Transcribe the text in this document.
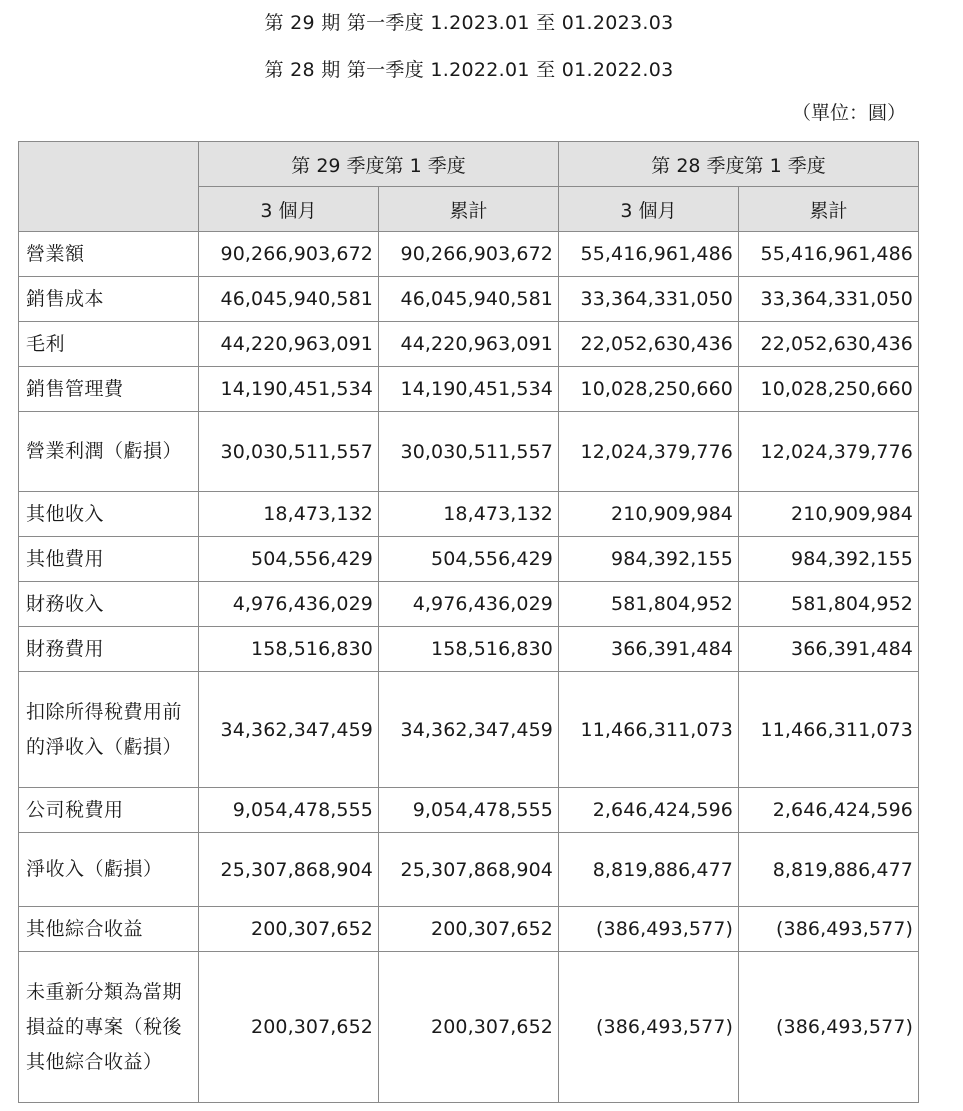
第 29 期 第一季度 1.2023.01 至 01.2023.03
第 28 期 第一季度 1.2022.01 至 01.2022.03
（單位：圓）
	第 29 季度第 1 季度		第 28 季度第 1 季度	
	3 個月	累計	3 個月	累計
營業額	90,266,903,672	90,266,903,672	55,416,961,486	55,416,961,486
銷售成本	46,045,940,581	46,045,940,581	33,364,331,050	33,364,331,050
毛利	44,220,963,091	44,220,963,091	22,052,630,436	22,052,630,436
銷售管理費	14,190,451,534	14,190,451,534	10,028,250,660	10,028,250,660
營業利潤（虧損）	30,030,511,557	30,030,511,557	12,024,379,776	12,024,379,776
其他收入	18,473,132	18,473,132	210,909,984	210,909,984
其他費用	504,556,429	504,556,429	984,392,155	984,392,155
財務收入	4,976,436,029	4,976,436,029	581,804,952	581,804,952
財務費用	158,516,830	158,516,830	366,391,484	366,391,484
扣除所得稅費用前的淨收入（虧損）	34,362,347,459	34,362,347,459	11,466,311,073	11,466,311,073
公司稅費用	9,054,478,555	9,054,478,555	2,646,424,596	2,646,424,596
淨收入（虧損）	25,307,868,904	25,307,868,904	8,819,886,477	8,819,886,477
其他綜合收益	200,307,652	200,307,652	(386,493,577)	(386,493,577)
未重新分類為當期損益的專案（稅後其他綜合收益）	200,307,652	200,307,652	(386,493,577)	(386,493,577)
